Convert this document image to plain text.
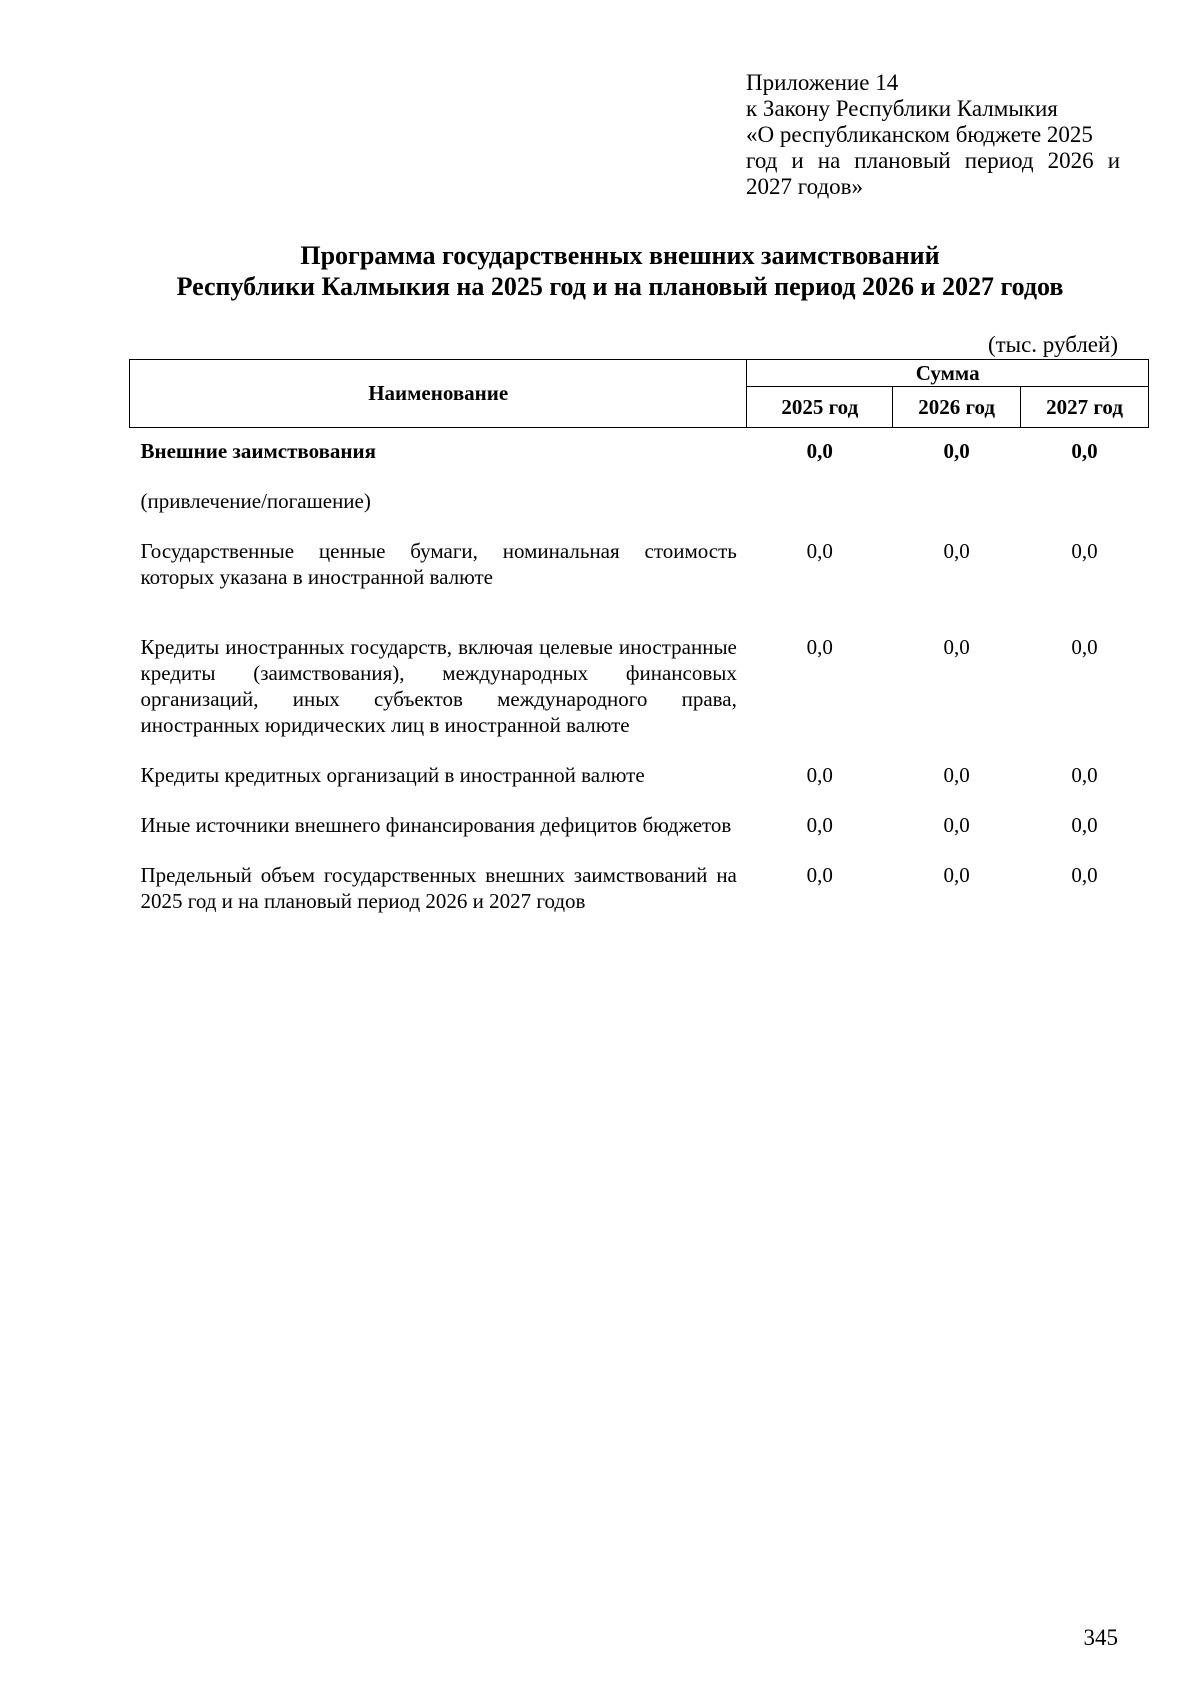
Приложение 14
к Закону Республики Калмыкия
«О республиканском бюджете 2025
год и на плановый период 2026 и
2027 годов»
Программа государственных внешних заимствований
Республики Калмыкия на 2025 год и на плановый период 2026 и 2027 годов
(тыс. рублей)
Наименование	Сумма		
	2025 год	2026 год	2027 год
Внешние заимствования	0,0	0,0	0,0
(привлечение/погашение)			
Государственные ценные бумаги, номинальная стоимость которых указана в иностранной валюте	0,0	0,0	0,0
Кредиты иностранных государств, включая целевые иностранные кредиты (заимствования), международных финансовых организаций, иных субъектов международного права, иностранных юридических лиц в иностранной валюте	0,0	0,0	0,0
Кредиты кредитных организаций в иностранной валюте	0,0	0,0	0,0
Иные источники внешнего финансирования дефицитов бюджетов	0,0	0,0	0,0
Предельный объем государственных внешних заимствований на 2025 год и на плановый период 2026 и 2027 годов	0,0	0,0	0,0
345
